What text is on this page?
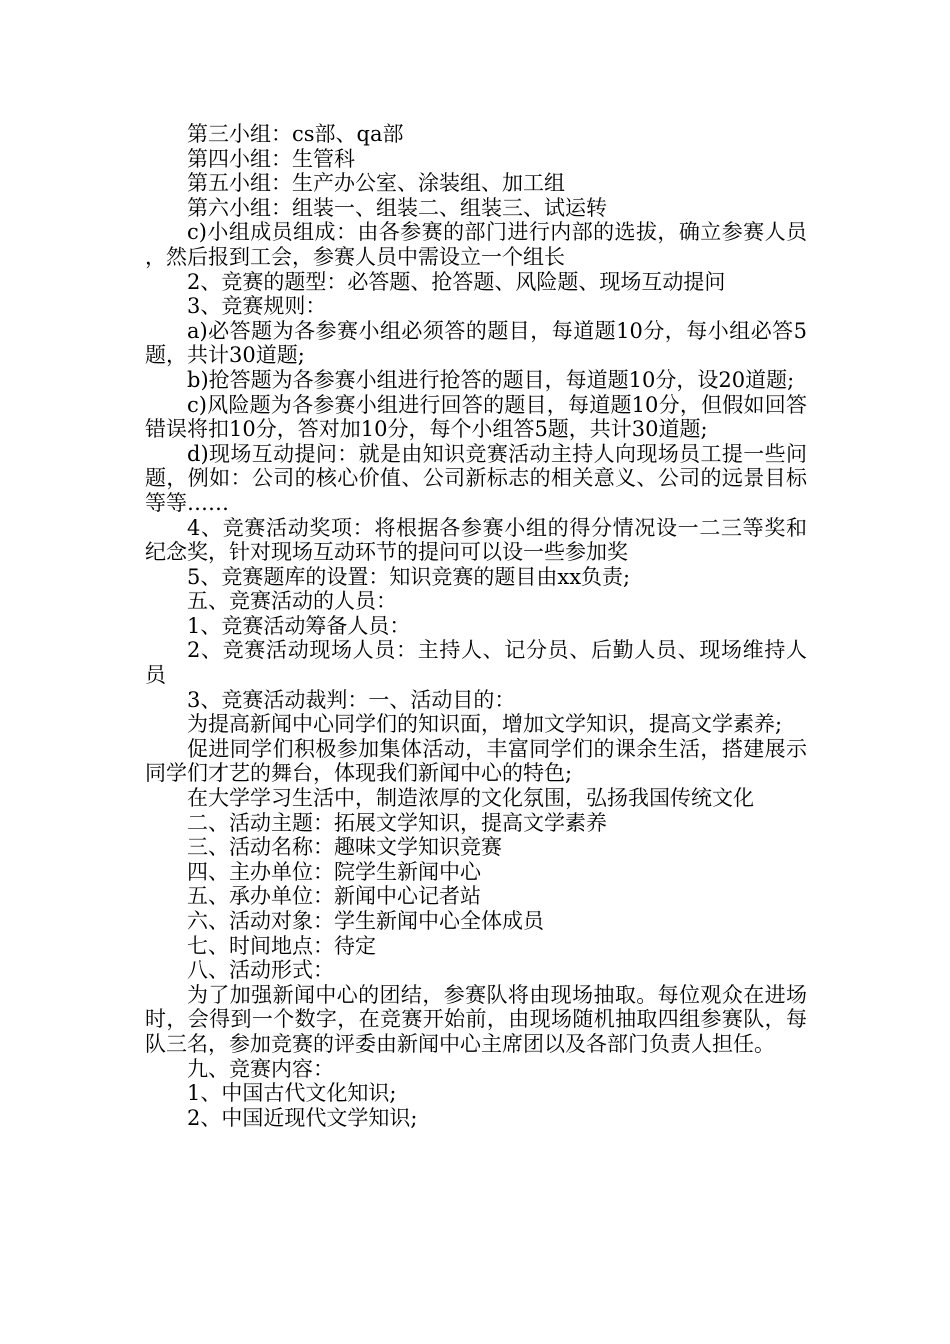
第三小组：cs部、qa部

第四小组：生管科

第五小组：生产办公室、涂装组、加工组

第六小组：组装一、组装二、组装三、试运转

c)小组成员组成：由各参赛的部门进行内部的选拔，确立参赛人员，然后报到工会，参赛人员中需设立一个组长

2、竞赛的题型：必答题、抢答题、风险题、现场互动提问

3、竞赛规则：

a)必答题为各参赛小组必须答的题目，每道题10分，每小组必答5题，共计30道题;

b)抢答题为各参赛小组进行抢答的题目，每道题10分，设20道题;

c)风险题为各参赛小组进行回答的题目，每道题10分，但假如回答错误将扣10分，答对加10分，每个小组答5题，共计30道题;

d)现场互动提问：就是由知识竞赛活动主持人向现场员工提一些问题，例如：公司的核心价值、公司新标志的相关意义、公司的远景目标等等……

4、竞赛活动奖项：将根据各参赛小组的得分情况设一二三等奖和纪念奖，针对现场互动环节的提问可以设一些参加奖

5、竞赛题库的设置：知识竞赛的题目由xx负责;

五、竞赛活动的人员：

1、竞赛活动筹备人员：

2、竞赛活动现场人员：主持人、记分员、后勤人员、现场维持人员

3、竞赛活动裁判：一、活动目的：

为提高新闻中心同学们的知识面，增加文学知识，提高文学素养;

促进同学们积极参加集体活动，丰富同学们的课余生活，搭建展示同学们才艺的舞台，体现我们新闻中心的特色;

在大学学习生活中，制造浓厚的文化氛围，弘扬我国传统文化

二、活动主题：拓展文学知识，提高文学素养

三、活动名称：趣味文学知识竞赛

四、主办单位：院学生新闻中心

五、承办单位：新闻中心记者站

六、活动对象：学生新闻中心全体成员

七、时间地点：待定

八、活动形式：

为了加强新闻中心的团结，参赛队将由现场抽取。每位观众在进场时，会得到一个数字，在竞赛开始前，由现场随机抽取四组参赛队，每队三名，参加竞赛的评委由新闻中心主席团以及各部门负责人担任。

九、竞赛内容：

1、中国古代文化知识;

2、中国近现代文学知识;
